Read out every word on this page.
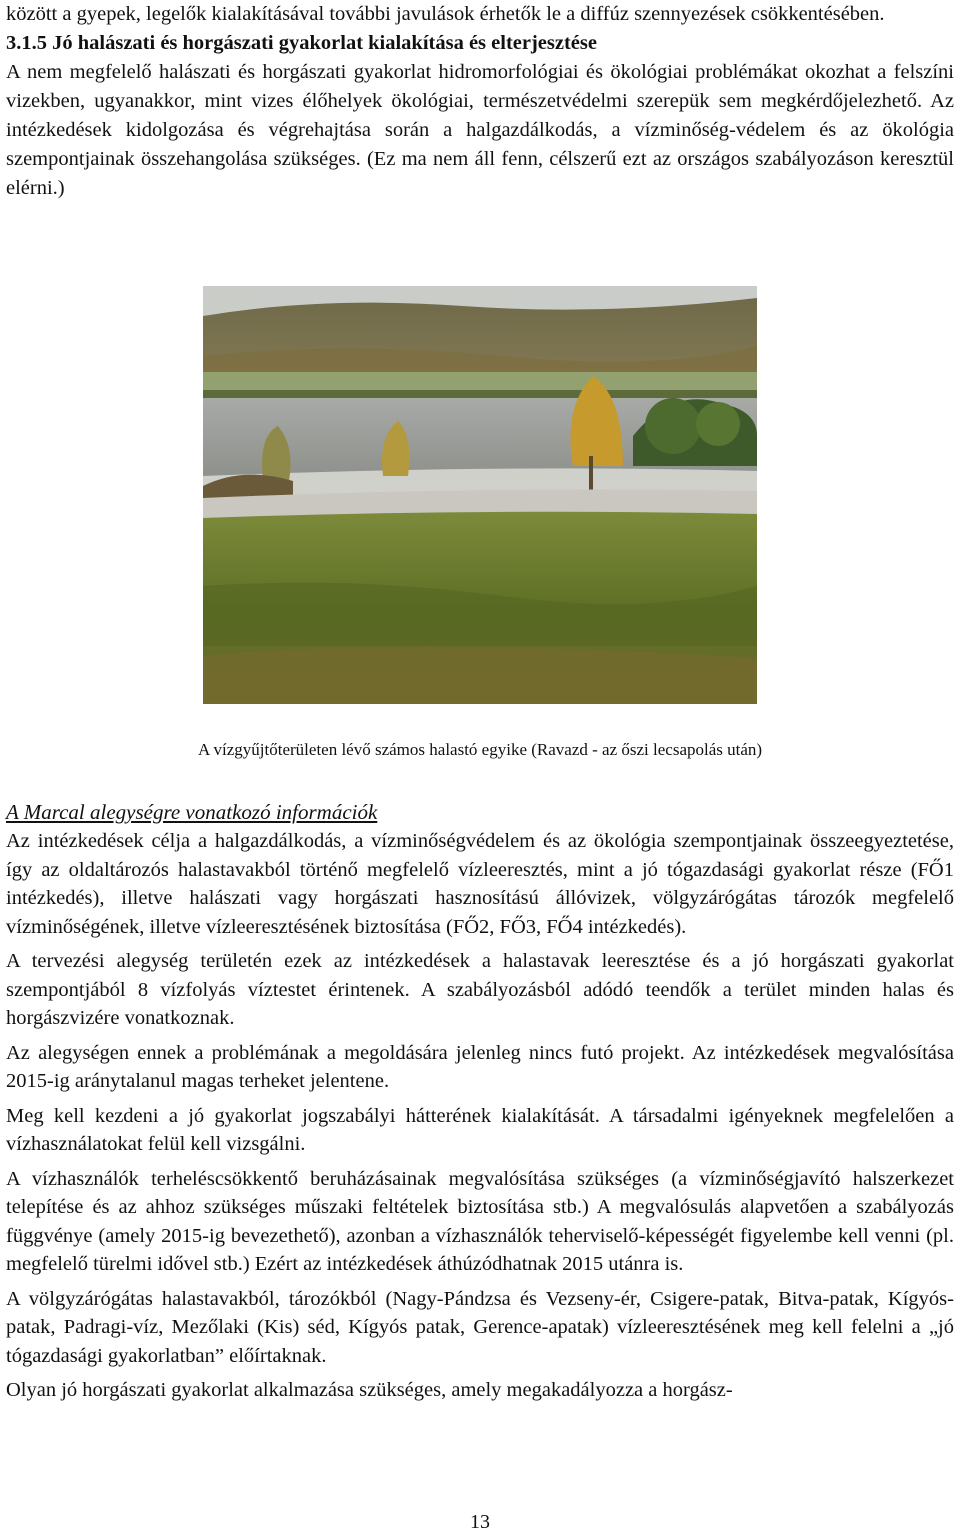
között a gyepek, legelők kialakításával további javulások érhetők le a diffúz szennyezések csökkentésében.

3.1.5 Jó halászati és horgászati gyakorlat kialakítása és elterjesztése

A nem megfelelő halászati és horgászati gyakorlat hidromorfológiai és ökológiai problémákat okozhat a felszíni vizekben, ugyanakkor, mint vizes élőhelyek ökológiai, természetvédelmi szerepük sem megkérdőjelezhető. Az intézkedések kidolgozása és végrehajtása során a halgazdálkodás, a vízminőség-védelem és az ökológia szempontjainak összehangolása szükséges. (Ez ma nem áll fenn, célszerű ezt az országos szabályozáson keresztül elérni.)

A vízgyűjtőterületen lévő számos halastó egyike (Ravazd - az őszi lecsapolás után)
A Marcal alegységre vonatkozó információk

Az intézkedések célja a halgazdálkodás, a vízminőségvédelem és az ökológia szempontjainak összeegyeztetése, így az oldaltározós halastavakból történő megfelelő vízleeresztés, mint a jó tógazdasági gyakorlat része (FŐ1 intézkedés), illetve halászati vagy horgászati hasznosítású állóvizek, völgyzárógátas tározók megfelelő vízminőségének, illetve vízleeresztésének biztosítása (FŐ2, FŐ3, FŐ4 intézkedés).

A tervezési alegység területén ezek az intézkedések a halastavak leeresztése és a jó horgászati gyakorlat szempontjából 8 vízfolyás víztestet érintenek. A szabályozásból adódó teendők a terület minden halas és horgászvizére vonatkoznak.

Az alegységen ennek a problémának a megoldására jelenleg nincs futó projekt. Az intézkedések megvalósítása 2015-ig aránytalanul magas terheket jelentene.

Meg kell kezdeni a jó gyakorlat jogszabályi hátterének kialakítását. A társadalmi igényeknek megfelelően a vízhasználatokat felül kell vizsgálni.

A vízhasználók terheléscsökkentő beruházásainak megvalósítása szükséges (a vízminőségjavító halszerkezet telepítése és az ahhoz szükséges műszaki feltételek biztosítása stb.) A megvalósulás alapvetően a szabályozás függvénye (amely 2015-ig bevezethető), azonban a vízhasználók teherviselő-képességét figyelembe kell venni (pl. megfelelő türelmi idővel stb.) Ezért az intézkedések áthúzódhatnak 2015 utánra is.

A völgyzárógátas halastavakból, tározókból (Nagy-Pándzsa és Vezseny-ér, Csigere-patak, Bitva-patak, Kígyós-patak, Padragi-víz, Mezőlaki (Kis) séd, Kígyós patak, Gerence-apatak) vízleeresztésének meg kell felelni a „jó tógazdasági gyakorlatban” előírtaknak.

Olyan jó horgászati gyakorlat alkalmazása szükséges, amely megakadályozza a horgász-

13
